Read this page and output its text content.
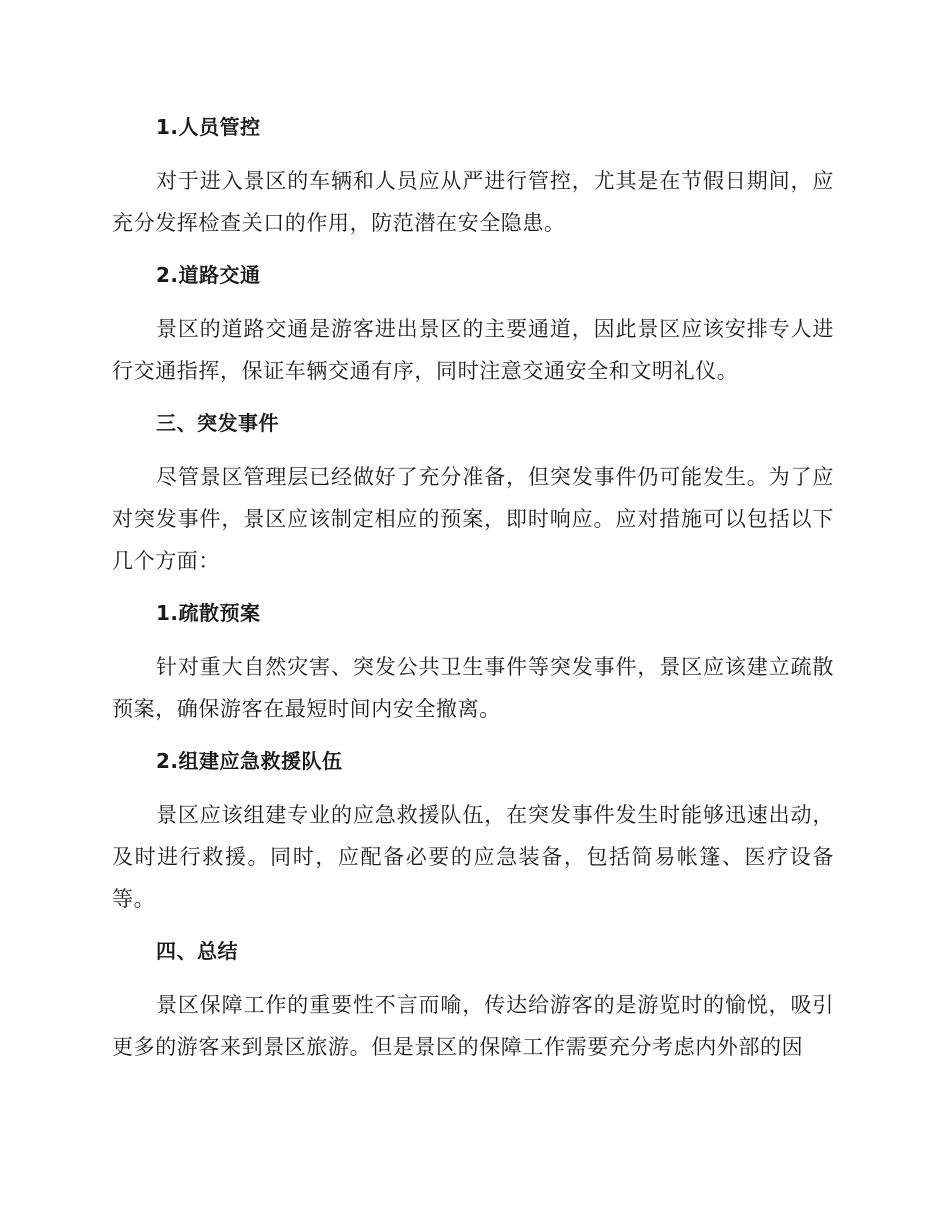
1.人员管控

对于进入景区的车辆和人员应从严进行管控，尤其是在节假日期间，应充分发挥检查关口的作用，防范潜在安全隐患。

2.道路交通

景区的道路交通是游客进出景区的主要通道，因此景区应该安排专人进行交通指挥，保证车辆交通有序，同时注意交通安全和文明礼仪。

三、突发事件

尽管景区管理层已经做好了充分准备，但突发事件仍可能发生。为了应对突发事件，景区应该制定相应的预案，即时响应。应对措施可以包括以下几个方面：

1.疏散预案

针对重大自然灾害、突发公共卫生事件等突发事件，景区应该建立疏散预案，确保游客在最短时间内安全撤离。

2.组建应急救援队伍

景区应该组建专业的应急救援队伍，在突发事件发生时能够迅速出动，及时进行救援。同时，应配备必要的应急装备，包括简易帐篷、医疗设备等。

四、总结

景区保障工作的重要性不言而喻，传达给游客的是游览时的愉悦，吸引更多的游客来到景区旅游。但是景区的保障工作需要充分考虑内外部的因
